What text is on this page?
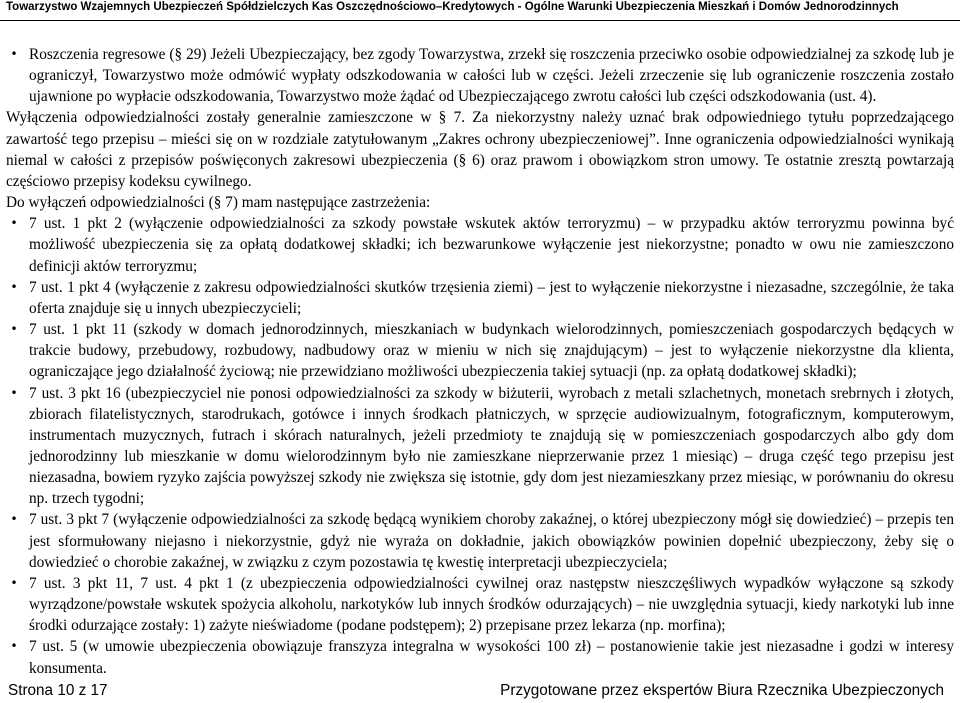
Towarzystwo Wzajemnych Ubezpieczeń Spółdzielczych Kas Oszczędnościowo–Kredytowych - Ogólne Warunki Ubezpieczenia Mieszkań i Domów Jednorodzinnych
• Roszczenia regresowe (§ 29) Jeżeli Ubezpieczający, bez zgody Towarzystwa, zrzekł się roszczenia przeciwko osobie odpowiedzialnej za szkodę lub je ograniczył, Towarzystwo może odmówić wypłaty odszkodowania w całości lub w części. Jeżeli zrzeczenie się lub ograniczenie roszczenia zostało ujawnione po wypłacie odszkodowania, Towarzystwo może żądać od Ubezpieczającego zwrotu całości lub części odszkodowania (ust. 4).

Wyłączenia odpowiedzialności zostały generalnie zamieszczone w § 7. Za niekorzystny należy uznać brak odpowiedniego tytułu poprzedzającego zawartość tego przepisu – mieści się on w rozdziale zatytułowanym „Zakres ochrony ubezpieczeniowej”. Inne ograniczenia odpowiedzialności wynikają niemal w całości z przepisów poświęconych zakresowi ubezpieczenia (§ 6) oraz prawom i obowiązkom stron umowy. Te ostatnie zresztą powtarzają częściowo przepisy kodeksu cywilnego.

Do wyłączeń odpowiedzialności (§ 7) mam następujące zastrzeżenia:

• 7 ust. 1 pkt 2 (wyłączenie odpowiedzialności za szkody powstałe wskutek aktów terroryzmu) – w przypadku aktów terroryzmu powinna być możliwość ubezpieczenia się za opłatą dodatkowej składki; ich bezwarunkowe wyłączenie jest niekorzystne; ponadto w owu nie zamieszczono definicji aktów terroryzmu;
• 7 ust. 1 pkt 4 (wyłączenie z zakresu odpowiedzialności skutków trzęsienia ziemi) – jest to wyłączenie niekorzystne i niezasadne, szczególnie, że taka oferta znajduje się u innych ubezpieczycieli;
• 7 ust. 1 pkt 11 (szkody w domach jednorodzinnych, mieszkaniach w budynkach wielorodzinnych, pomieszczeniach gospodarczych będących w trakcie budowy, przebudowy, rozbudowy, nadbudowy oraz w mieniu w nich się znajdującym) – jest to wyłączenie niekorzystne dla klienta, ograniczające jego działalność życiową; nie przewidziano możliwości ubezpieczenia takiej sytuacji (np. za opłatą dodatkowej składki);
• 7 ust. 3 pkt 16 (ubezpieczyciel nie ponosi odpowiedzialności za szkody w biżuterii, wyrobach z metali szlachetnych, monetach srebrnych i złotych, zbiorach filatelistycznych, starodrukach, gotówce i innych środkach płatniczych, w sprzęcie audiowizualnym, fotograficznym, komputerowym, instrumentach muzycznych, futrach i skórach naturalnych, jeżeli przedmioty te znajdują się w pomieszczeniach gospodarczych albo gdy dom jednorodzinny lub mieszkanie w domu wielorodzinnym było nie zamieszkane nieprzerwanie przez 1 miesiąc) – druga część tego przepisu jest niezasadna, bowiem ryzyko zajścia powyższej szkody nie zwiększa się istotnie, gdy dom jest niezamieszkany przez miesiąc, w porównaniu do okresu np. trzech tygodni;
• 7 ust. 3 pkt 7 (wyłączenie odpowiedzialności za szkodę będącą wynikiem choroby zakaźnej, o której ubezpieczony mógł się dowiedzieć) – przepis ten jest sformułowany niejasno i niekorzystnie, gdyż nie wyraża on dokładnie, jakich obowiązków powinien dopełnić ubezpieczony, żeby się o dowiedzieć o chorobie zakaźnej, w związku z czym pozostawia tę kwestię interpretacji ubezpieczyciela;
• 7 ust. 3 pkt 11, 7 ust. 4 pkt 1 (z ubezpieczenia odpowiedzialności cywilnej oraz następstw nieszczęśliwych wypadków wyłączone są szkody wyrządzone/powstałe wskutek spożycia alkoholu, narkotyków lub innych środków odurzających) – nie uwzględnia sytuacji, kiedy narkotyki lub inne środki odurzające zostały: 1) zażyte nieświadome (podane podstępem); 2) przepisane przez lekarza (np. morfina);
• 7 ust. 5 (w umowie ubezpieczenia obowiązuje franszyza integralna w wysokości 100 zł) – postanowienie takie jest niezasadne i godzi w interesy konsumenta.
Strona 10 z 17	Przygotowane przez ekspertów Biura Rzecznika Ubezpieczonych
